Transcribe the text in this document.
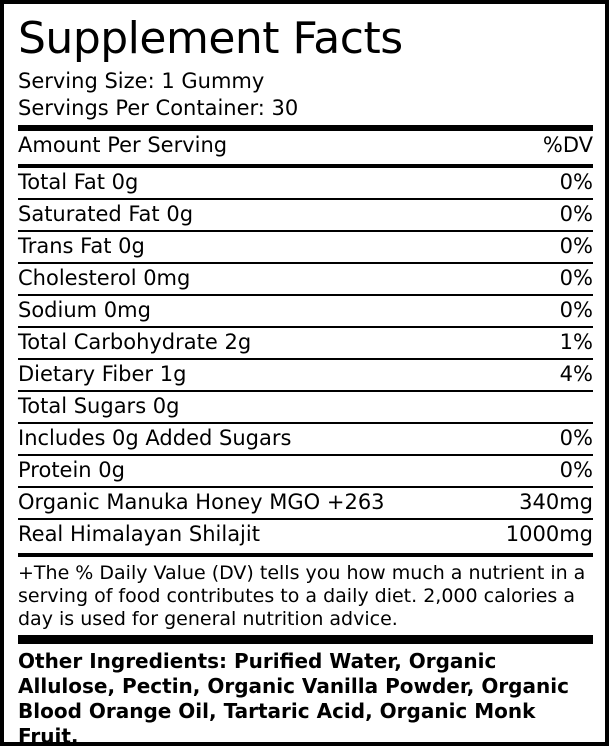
Supplement Facts
Serving Size: 1 Gummy
Servings Per Container: 30
Amount Per Serving	%DV
Total Fat 0g	0%
Saturated Fat 0g	0%
Trans Fat 0g	0%
Cholesterol 0mg	0%
Sodium 0mg	0%
Total Carbohydrate 2g	1%
Dietary Fiber 1g	4%
Total Sugars 0g	
Includes 0g Added Sugars	0%
Protein 0g	0%
Organic Manuka Honey MGO +263	340mg
Real Himalayan Shilajit	1000mg
+The % Daily Value (DV) tells you how much a nutrient in a serving of food contributes to a daily diet. 2,000 calories a day is used for general nutrition advice.
Other Ingredients: Purified Water, Organic Allulose, Pectin, Organic Vanilla Powder, Organic Blood Orange Oil, Tartaric Acid, Organic Monk Fruit.
